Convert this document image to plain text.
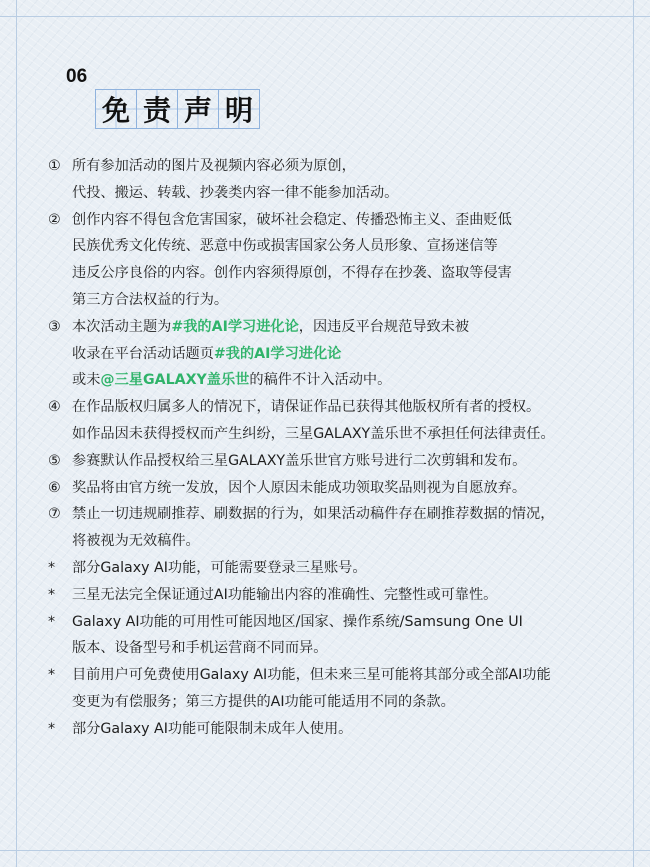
06
免 责 声 明
① 所有参加活动的图片及视频内容必须为原创，
代投、搬运、转载、抄袭类内容一律不能参加活动。
② 创作内容不得包含危害国家，破坏社会稳定、传播恐怖主义、歪曲贬低
民族优秀文化传统、恶意中伤或损害国家公务人员形象、宣扬迷信等
违反公序良俗的内容。创作内容须得原创，不得存在抄袭、盗取等侵害
第三方合法权益的行为。
③ 本次活动主题为#我的AI学习进化论，因违反平台规范导致未被
收录在平台活动话题页#我的AI学习进化论
或未@三星GALAXY盖乐世的稿件不计入活动中。
④ 在作品版权归属多人的情况下，请保证作品已获得其他版权所有者的授权。
如作品因未获得授权而产生纠纷，三星GALAXY盖乐世不承担任何法律责任。
⑤ 参赛默认作品授权给三星GALAXY盖乐世官方账号进行二次剪辑和发布。
⑥ 奖品将由官方统一发放，因个人原因未能成功领取奖品则视为自愿放弃。
⑦ 禁止一切违规刷推荐、刷数据的行为，如果活动稿件存在刷推荐数据的情况，
将被视为无效稿件。
*	部分Galaxy AI功能，可能需要登录三星账号。
*	三星无法完全保证通过AI功能输出内容的准确性、完整性或可靠性。
*	Galaxy AI功能的可用性可能因地区/国家、操作系统/Samsung One UI
版本、设备型号和手机运营商不同而异。
*	目前用户可免费使用Galaxy AI功能，但未来三星可能将其部分或全部AI功能
变更为有偿服务；第三方提供的AI功能可能适用不同的条款。
*	部分Galaxy AI功能可能限制未成年人使用。
